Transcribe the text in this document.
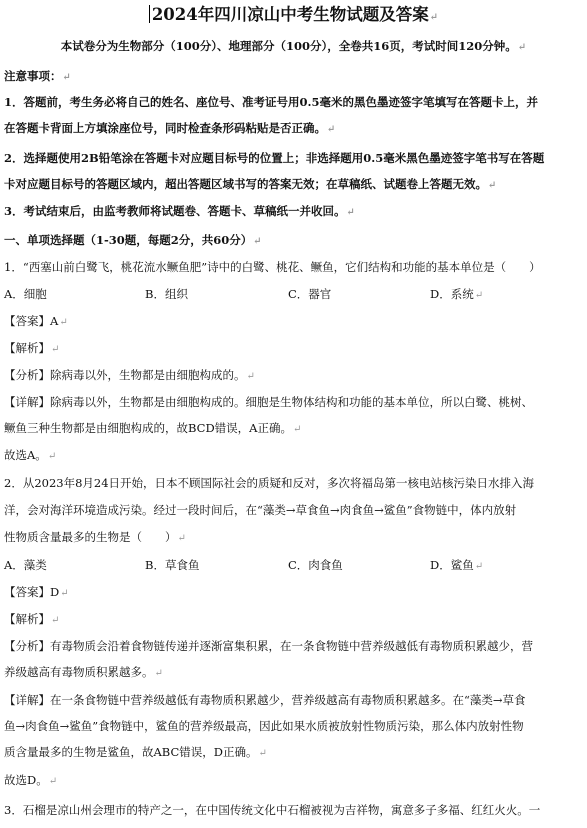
2024年四川凉山中考生物试题及答案↵
本试卷分为生物部分（100分）、地理部分（100分），全卷共16页，考试时间120分钟。↵
注意事项：↵
1．答题前，考生务必将自己的姓名、座位号、准考证号用0.5毫米的黑色墨迹签字笔填写在答题卡上，并
在答题卡背面上方填涂座位号，同时检查条形码粘贴是否正确。↵
2．选择题使用2B铅笔涂在答题卡对应题目标号的位置上；非选择题用0.5毫米黑色墨迹签字笔书写在答题
卡对应题目标号的答题区域内，超出答题区域书写的答案无效；在草稿纸、试题卷上答题无效。↵
3．考试结束后，由监考教师将试题卷、答题卡、草稿纸一并收回。↵
一、单项选择题（1-30题，每题2分，共60分）↵
1．“西塞山前白鹭飞，桃花流水鳜鱼肥”诗中的白鹭、桃花、鳜鱼，它们结构和功能的基本单位是（　　）
A．细胞	B．组织	C．器官	D．系统↵
【答案】A↵
【解析】↵
【分析】除病毒以外，生物都是由细胞构成的。↵
【详解】除病毒以外，生物都是由细胞构成的。细胞是生物体结构和功能的基本单位，所以白鹭、桃树、
鳜鱼三种生物都是由细胞构成的，故BCD错误，A正确。↵
故选A。↵
2．从2023年8月24日开始，日本不顾国际社会的质疑和反对，多次将福岛第一核电站核污染日水排入海
洋，会对海洋环境造成污染。经过一段时间后，在“藻类→草食鱼→肉食鱼→鲨鱼”食物链中，体内放射
性物质含量最多的生物是（　　）↵
A．藻类	B．草食鱼	C．肉食鱼	D．鲨鱼↵
【答案】D↵
【解析】↵
【分析】有毒物质会沿着食物链传递并逐渐富集积累，在一条食物链中营养级越低有毒物质积累越少，营
养级越高有毒物质积累越多。↵
【详解】在一条食物链中营养级越低有毒物质积累越少，营养级越高有毒物质积累越多。在“藻类→草食
鱼→肉食鱼→鲨鱼”食物链中，鲨鱼的营养级最高，因此如果水质被放射性物质污染，那么体内放射性物
质含量最多的生物是鲨鱼，故ABC错误，D正确。↵
故选D。↵
3．石榴是凉山州会理市的特产之一，在中国传统文化中石榴被视为吉祥物，寓意多子多福、红红火火。一
